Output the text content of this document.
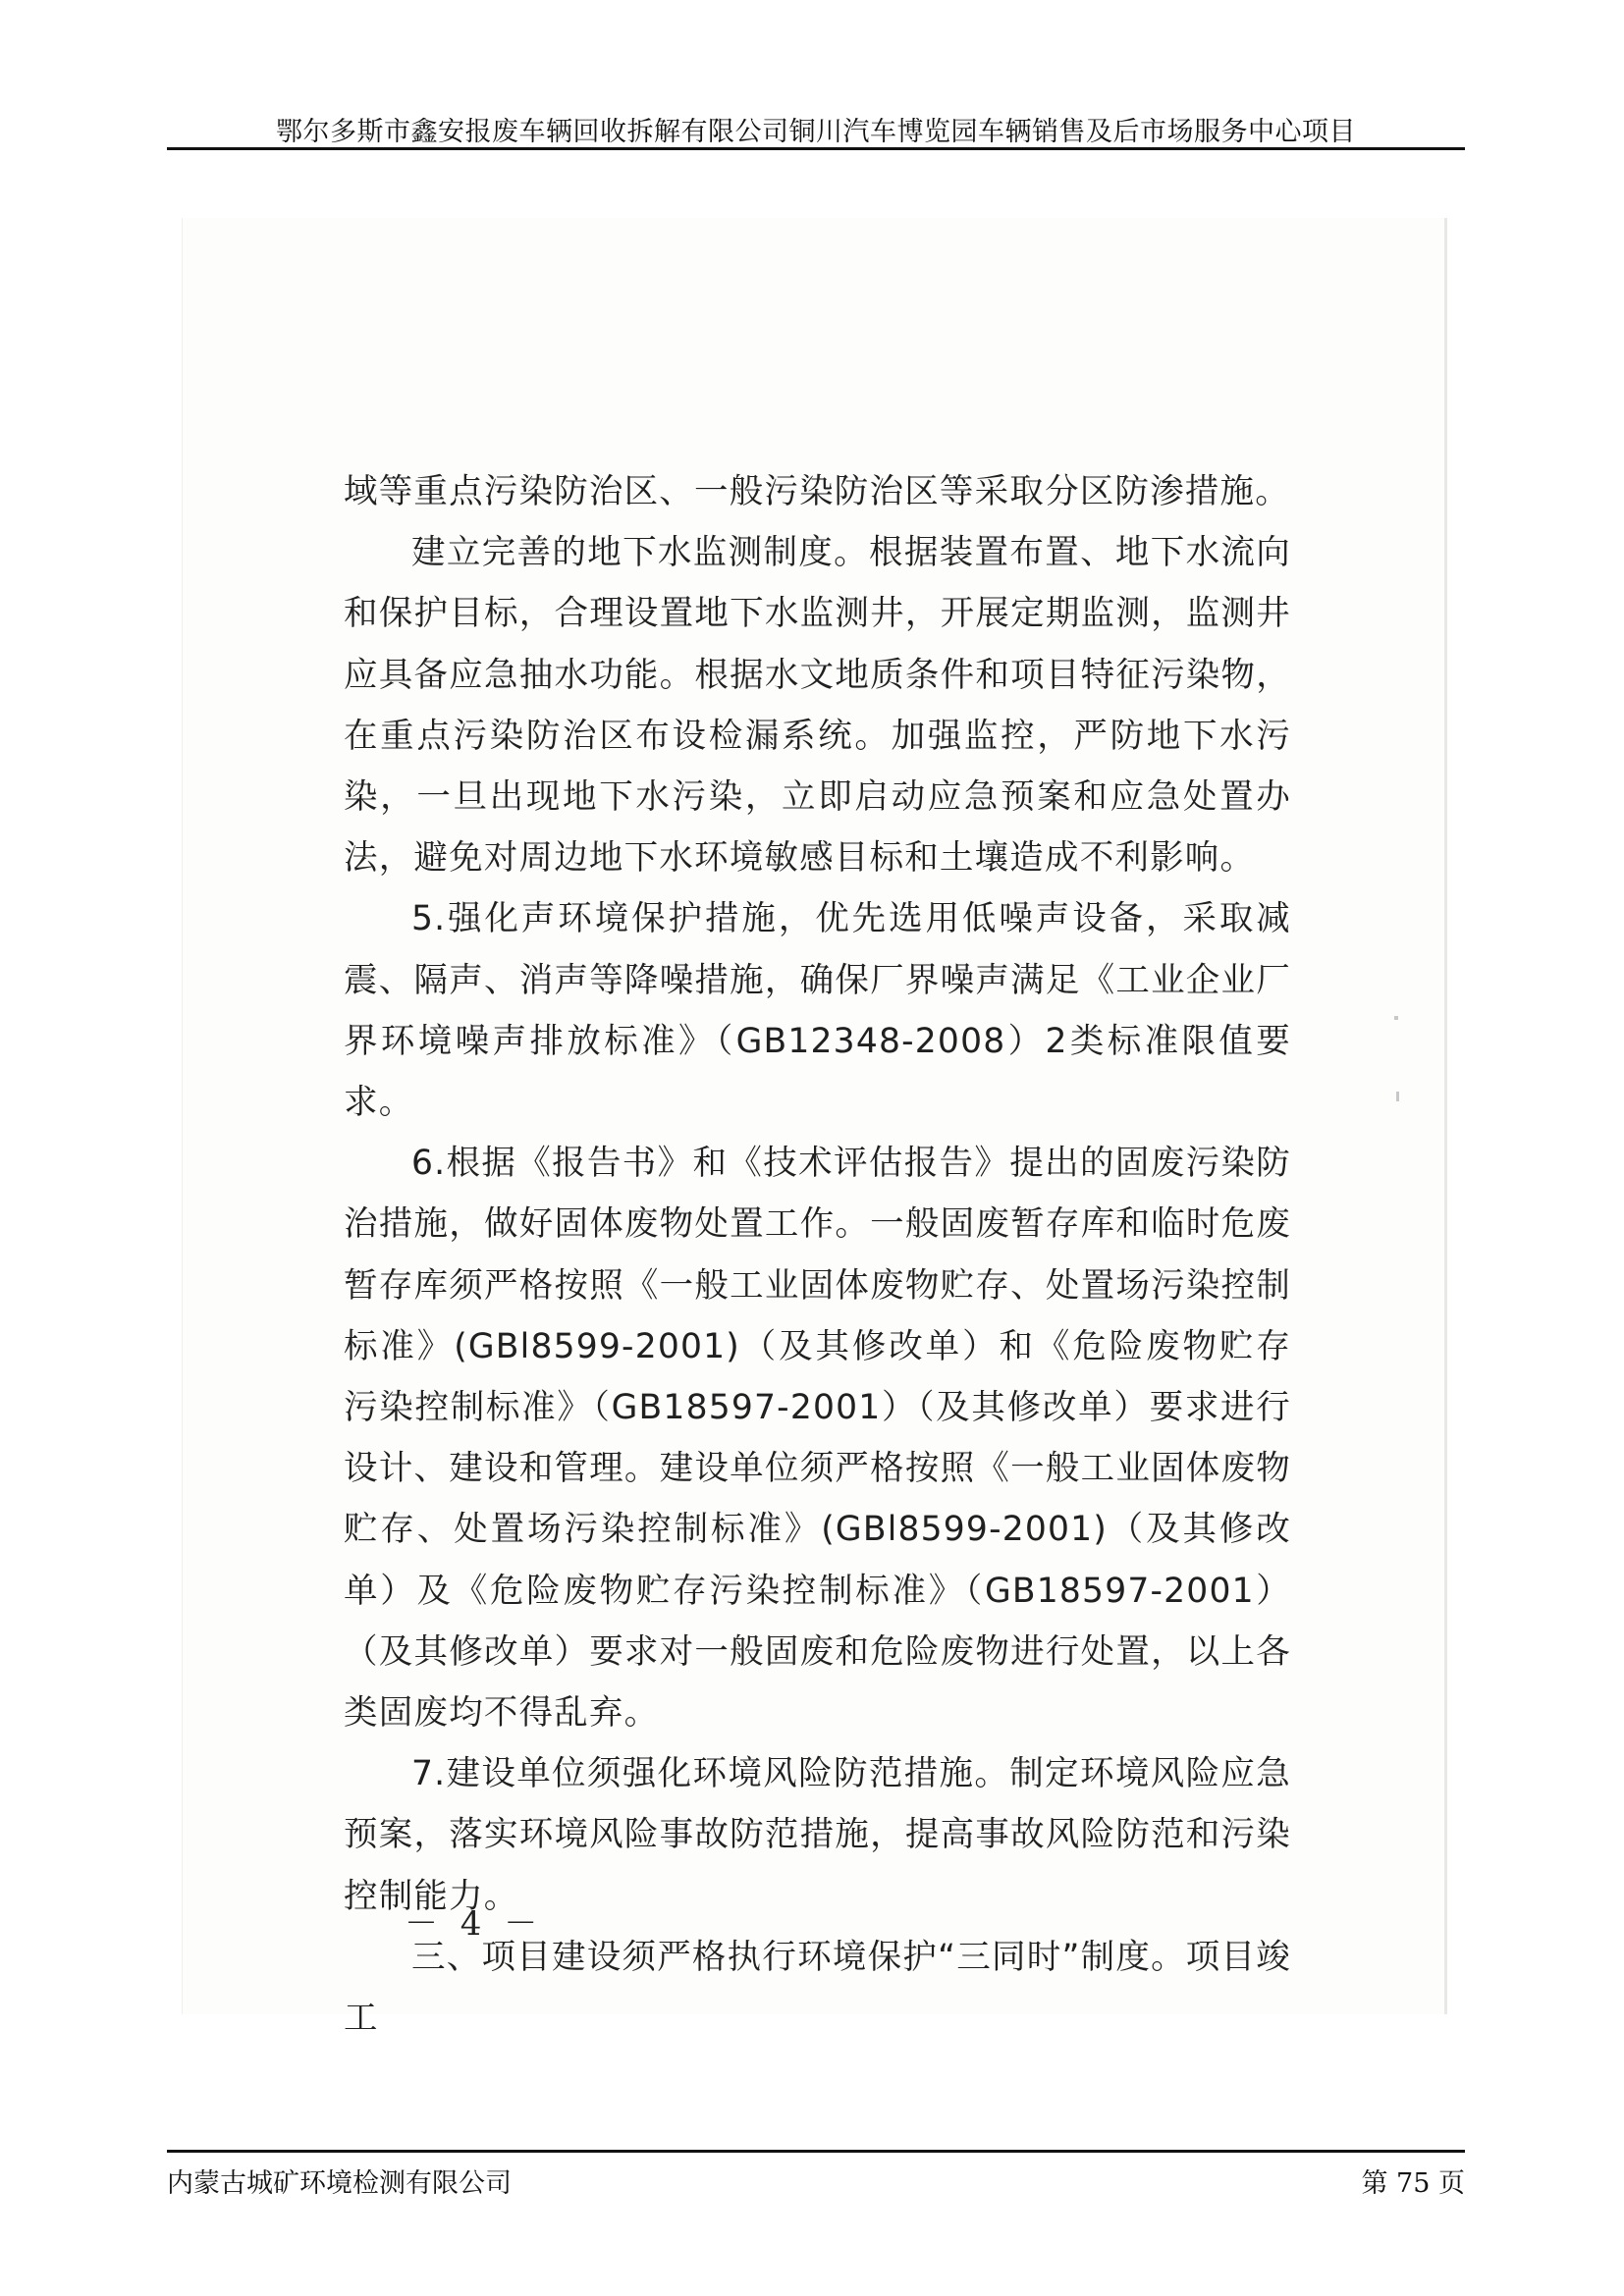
鄂尔多斯市鑫安报废车辆回收拆解有限公司铜川汽车博览园车辆销售及后市场服务中心项目

域等重点污染防治区、一般污染防治区等采取分区防渗措施。

建立完善的地下水监测制度。根据装置布置、地下水流向和保护目标，合理设置地下水监测井，开展定期监测，监测井应具备应急抽水功能。根据水文地质条件和项目特征污染物，在重点污染防治区布设检漏系统。加强监控，严防地下水污染，一旦出现地下水污染，立即启动应急预案和应急处置办法，避免对周边地下水环境敏感目标和土壤造成不利影响。

5.强化声环境保护措施，优先选用低噪声设备，采取减震、隔声、消声等降噪措施，确保厂界噪声满足《工业企业厂界环境噪声排放标准》（GB12348-2008）2类标准限值要求。

6.根据《报告书》和《技术评估报告》提出的固废污染防治措施，做好固体废物处置工作。一般固废暂存库和临时危废暂存库须严格按照《一般工业固体废物贮存、处置场污染控制标准》(GBl8599-2001)（及其修改单）和《危险废物贮存污染控制标准》（GB18597-2001）（及其修改单）要求进行设计、建设和管理。建设单位须严格按照《一般工业固体废物贮存、处置场污染控制标准》(GBl8599-2001)（及其修改单）及《危险废物贮存污染控制标准》（GB18597-2001）（及其修改单）要求对一般固废和危险废物进行处置，以上各类固废均不得乱弃。

7.建设单位须强化环境风险防范措施。制定环境风险应急预案，落实环境风险事故防范措施，提高事故风险防范和污染控制能力。

三、项目建设须严格执行环境保护“三同时”制度。项目竣工

－ 4 －
内蒙古城矿环境检测有限公司	第 75 页
